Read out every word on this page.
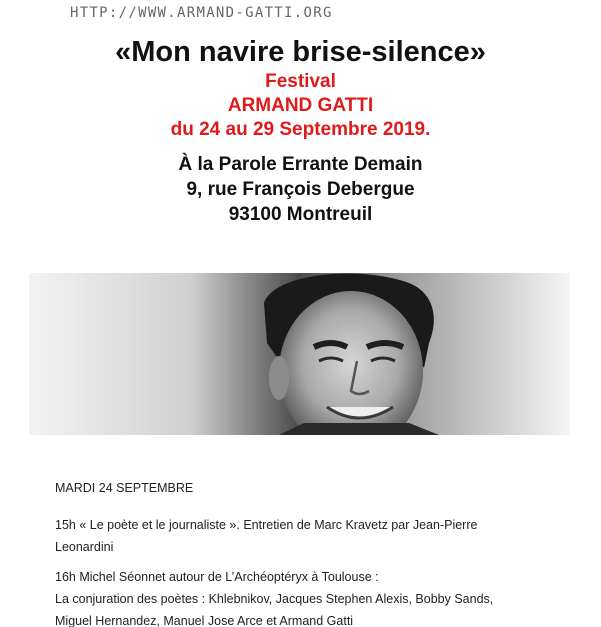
HTTP://WWW.ARMAND-GATTI.ORG
«Mon navire brise-silence»
Festival
ARMAND GATTI
du 24 au 29 Septembre 2019.
À la Parole Errante Demain
9, rue François Debergue
93100 Montreuil
MARDI 24 SEPTEMBRE
15h « Le poète et le journaliste ». Entretien de Marc Kravetz par Jean-Pierre
Leonardini
16h Michel Séonnet autour de L’Archéoptéryx à Toulouse :
La conjuration des poètes : Khlebnikov, Jacques Stephen Alexis, Bobby Sands,
Miguel Hernandez, Manuel Jose Arce et Armand Gatti
